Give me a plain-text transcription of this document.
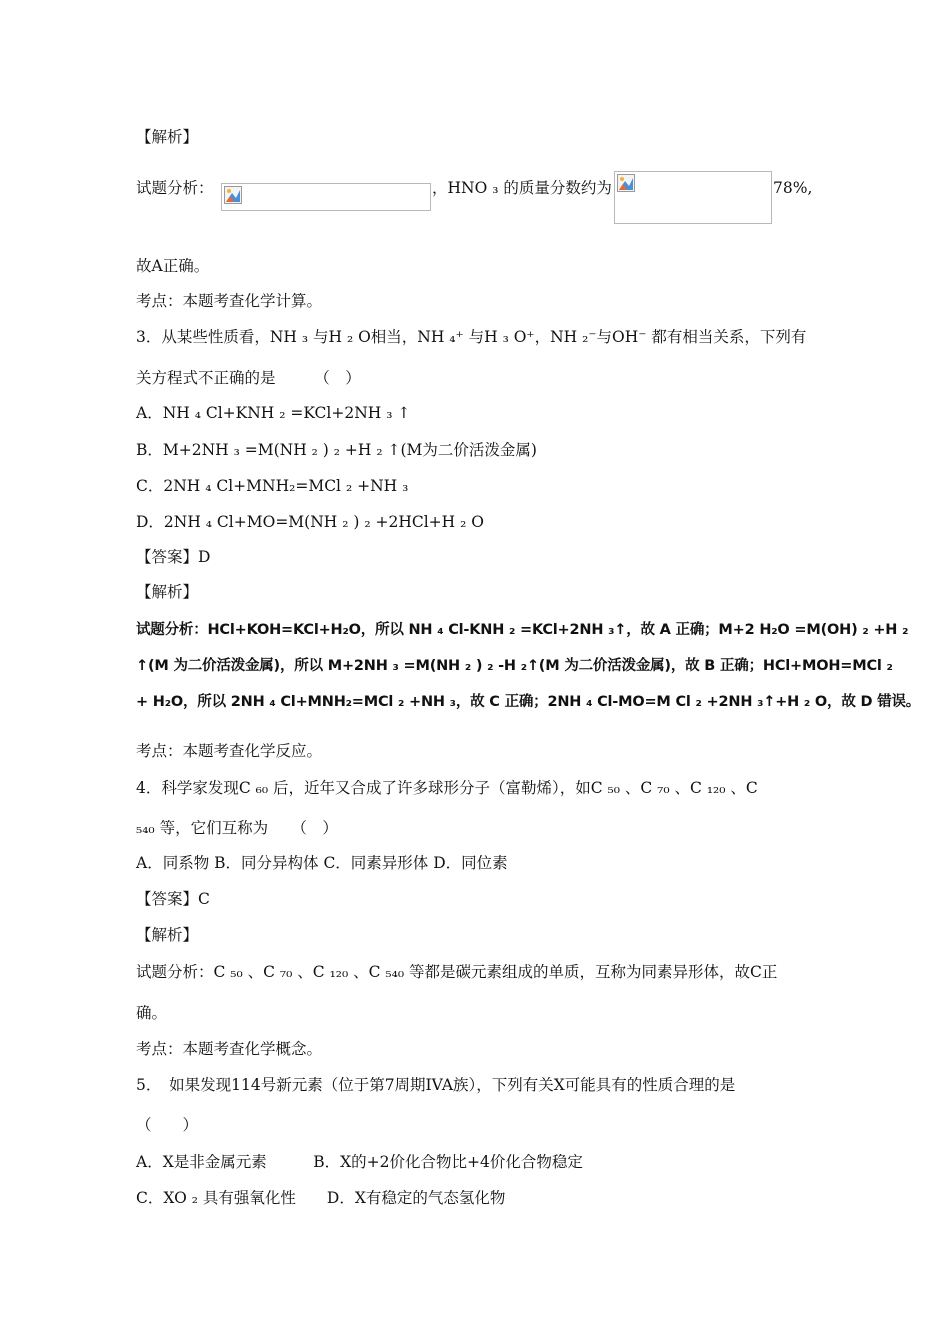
【解析】
试题分析：	，HNO ₃ 的质量分数约为	78%,
故A正确。
考点：本题考查化学计算。
3．从某些性质看，NH ₃ 与H ₂ O相当，NH ₄⁺ 与H ₃ O⁺，NH ₂⁻与OH⁻ 都有相当关系，下列有
关方程式不正确的是　　　（　）
A．NH ₄ Cl+KNH ₂ =KCl+2NH ₃ ↑
B．M+2NH ₃ =M(NH ₂ ) ₂ +H ₂ ↑(M为二价活泼金属)
C．2NH ₄ Cl+MNH₂=MCl ₂ +NH ₃
D．2NH ₄ Cl+MO=M(NH ₂ ) ₂ +2HCl+H ₂ O
【答案】D
【解析】
试题分析：HCl+KOH=KCl+H₂O，所以 NH ₄ Cl-KNH ₂ =KCl+2NH ₃↑，故 A 正确；M+2 H₂O =M(OH) ₂ +H ₂
↑(M 为二价活泼金属)，所以 M+2NH ₃ =M(NH ₂ ) ₂ -H ₂↑(M 为二价活泼金属)，故 B 正确；HCl+MOH=MCl ₂
+ H₂O，所以 2NH ₄ Cl+MNH₂=MCl ₂ +NH ₃，故 C 正确；2NH ₄ Cl-MO=M Cl ₂ +2NH ₃↑+H ₂ O，故 D 错误。
考点：本题考查化学反应。
4．科学家发现C ₆₀ 后，近年又合成了许多球形分子（富勒烯），如C ₅₀ 、C ₇₀ 、C ₁₂₀ 、C
₅₄₀ 等，它们互称为　　（　）
A．同系物 B．同分异构体 C．同素异形体 D．同位素
【答案】C
【解析】
试题分析：C ₅₀ 、C ₇₀ 、C ₁₂₀ 、C ₅₄₀ 等都是碳元素组成的单质，互称为同素异形体，故C正
确。
考点：本题考查化学概念。
5．　如果发现114号新元素（位于第7周期IVA族），下列有关X可能具有的性质合理的是
（　　）
A．X是非金属元素　　　B．X的+2价化合物比+4价化合物稳定
C．XO ₂ 具有强氧化性　　D．X有稳定的气态氢化物
